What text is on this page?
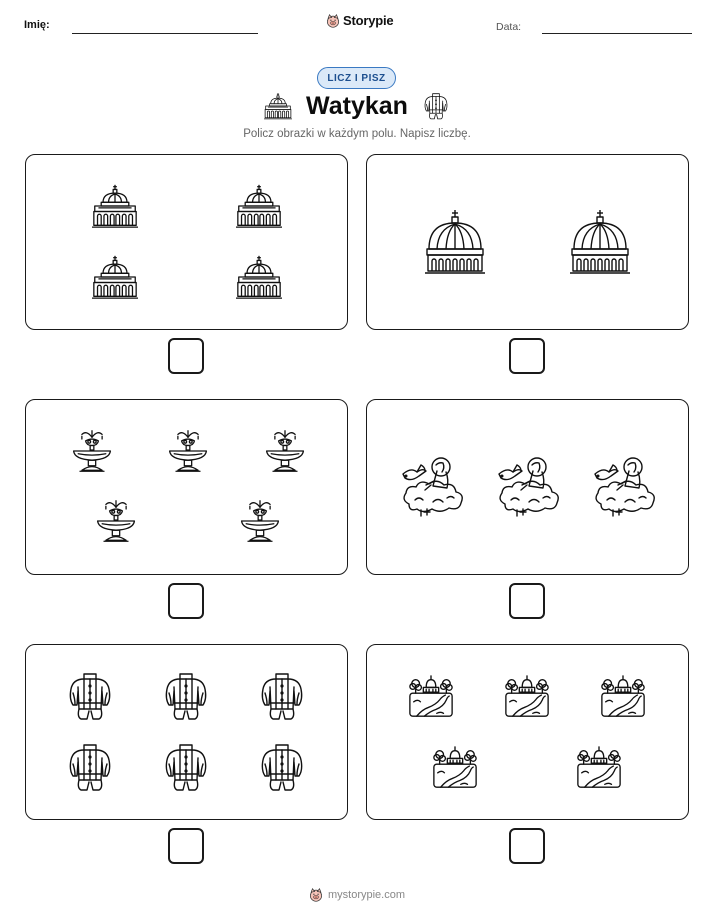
Imię:	Storypie	Data:
LICZ I PISZ
Watykan
Policz obrazki w każdym polu. Napisz liczbę.
mystorypie.com
